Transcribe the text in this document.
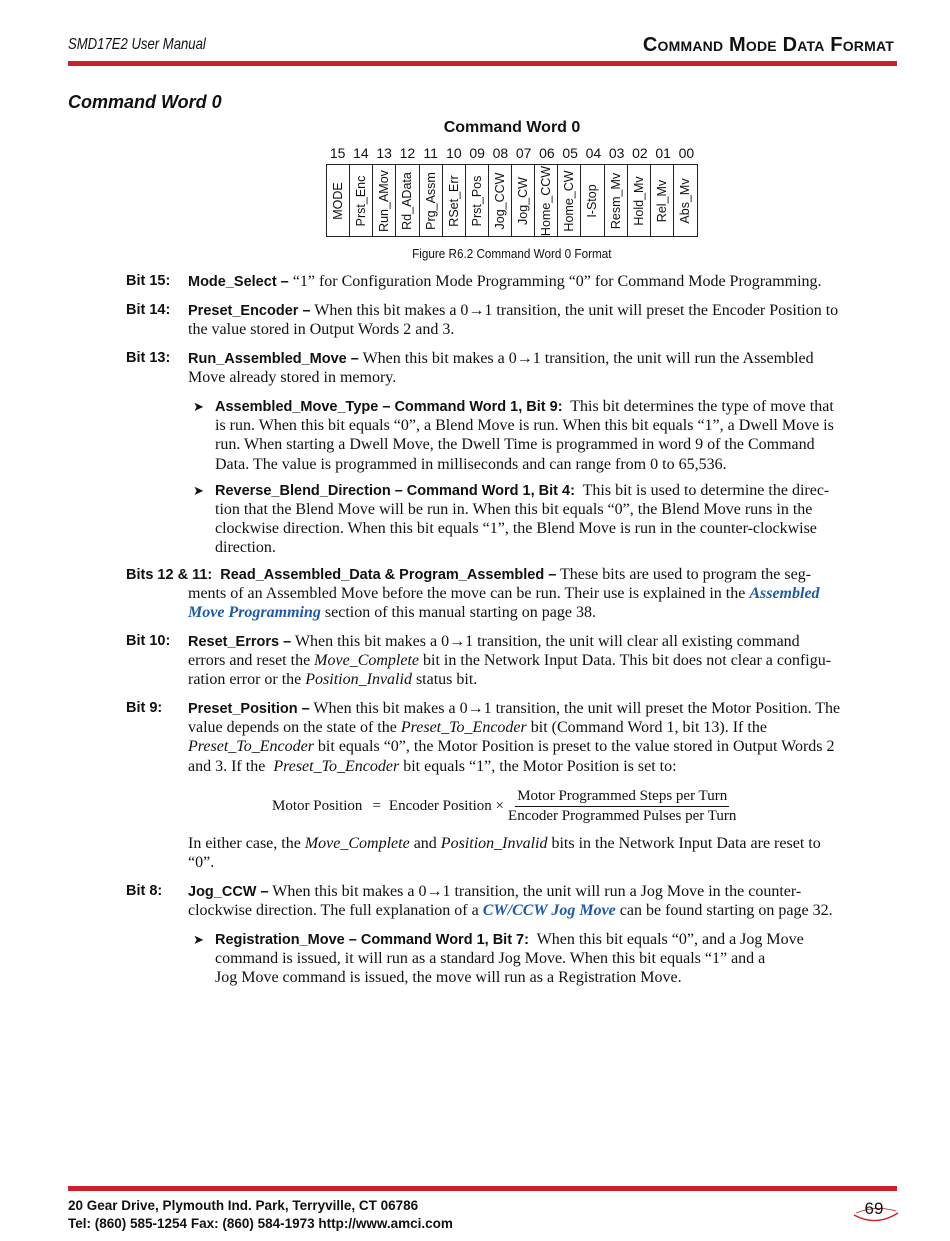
SMD17E2 User Manual	Command Mode Data Format
Command Word 0
Command Word 0
15 14 13 12 11 10 09 08 07 06 05 04 03 02 01 00
MODE Prst_Enc Run_AMov Rd_AData Prg_Assm RSet_Err Prst_Pos Jog_CCW Jog_CW Home_CCW Home_CW I-Stop Resm_Mv Hold_Mv Rel_Mv Abs_Mv
Figure R6.2 Command Word 0 Format
Bit 15: Mode_Select – “1” for Configuration Mode Programming “0” for Command Mode Programming.
Bit 14: Preset_Encoder – When this bit makes a 0→1 transition, the unit will preset the Encoder Position to
the value stored in Output Words 2 and 3.
Bit 13: Run_Assembled_Move – When this bit makes a 0→1 transition, the unit will run the Assembled
Move already stored in memory.
➤ Assembled_Move_Type – Command Word 1, Bit 9: This bit determines the type of move that
is run. When this bit equals “0”, a Blend Move is run. When this bit equals “1”, a Dwell Move is
run. When starting a Dwell Move, the Dwell Time is programmed in word 9 of the Command
Data. The value is programmed in milliseconds and can range from 0 to 65,536.
➤ Reverse_Blend_Direction – Command Word 1, Bit 4: This bit is used to determine the direc-
tion that the Blend Move will be run in. When this bit equals “0”, the Blend Move runs in the
clockwise direction. When this bit equals “1”, the Blend Move is run in the counter-clockwise
direction.
Bits 12 & 11: Read_Assembled_Data & Program_Assembled – These bits are used to program the seg-
ments of an Assembled Move before the move can be run. Their use is explained in the Assembled
Move Programming section of this manual starting on page 38.
Bit 10: Reset_Errors – When this bit makes a 0→1 transition, the unit will clear all existing command
errors and reset the Move_Complete bit in the Network Input Data. This bit does not clear a configu-
ration error or the Position_Invalid status bit.
Bit 9: Preset_Position – When this bit makes a 0→1 transition, the unit will preset the Motor Position. The
value depends on the state of the Preset_To_Encoder bit (Command Word 1, bit 13). If the
Preset_To_Encoder bit equals “0”, the Motor Position is preset to the value stored in Output Words 2
and 3. If the Preset_To_Encoder bit equals “1”, the Motor Position is set to:
Motor Position = Encoder Position × $\frac{\text{Motor Programmed Steps per Turn}}{\text{Encoder Programmed Pulses per Turn}}$
In either case, the Move_Complete and Position_Invalid bits in the Network Input Data are reset to
“0”.
Bit 8: Jog_CCW – When this bit makes a 0→1 transition, the unit will run a Jog Move in the counter-
clockwise direction. The full explanation of a CW/CCW Jog Move can be found starting on page 32.
➤ Registration_Move – Command Word 1, Bit 7: When this bit equals “0”, and a Jog Move
command is issued, it will run as a standard Jog Move. When this bit equals “1” and a
Jog Move command is issued, the move will run as a Registration Move.
20 Gear Drive, Plymouth Ind. Park, Terryville, CT 06786
Tel: (860) 585-1254 Fax: (860) 584-1973 http://www.amci.com
69
